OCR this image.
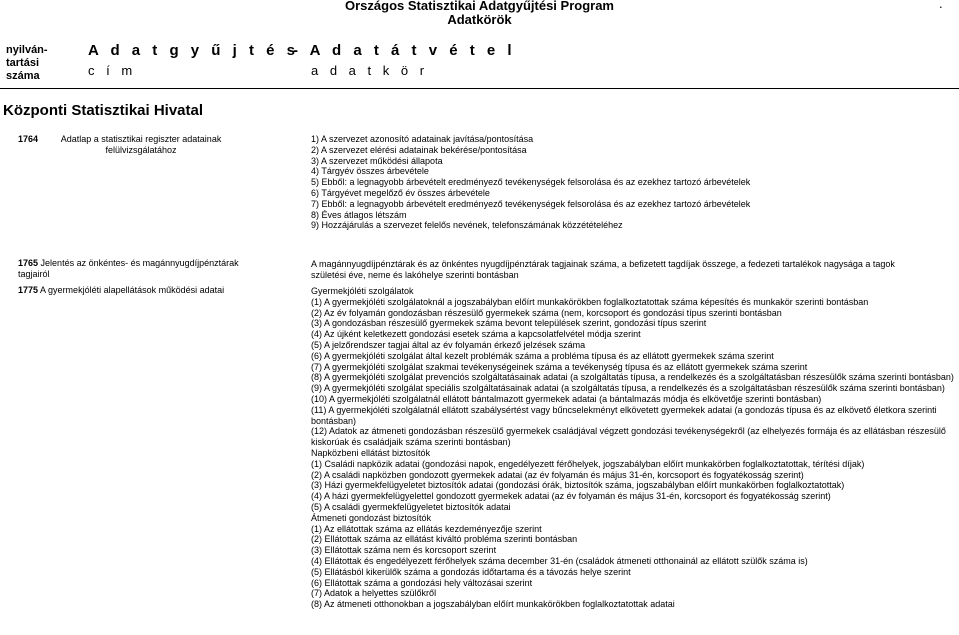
Országos Statisztikai Adatgyűjtési Program
Adatkörök
.
nyilván-
tartási
száma
A d a t g y ű j t é s
c í m
- A d a t á t v é t e l
a d a t k ö r
Központi Statisztikai Hivatal
1764	Adatlap a statisztikai regiszter adatainak felülvizsgálatához
1) A szervezet azonosító adatainak javítása/pontosítása
2) A szervezet elérési adatainak bekérése/pontosítása
3) A szervezet működési állapota
4) Tárgyév összes árbevétele
5) Ebből: a legnagyobb árbevételt eredményező tevékenységek felsorolása és az ezekhez tartozó árbevételek
6) Tárgyévet megelőző év összes árbevétele
7) Ebből: a legnagyobb árbevételt eredményező tevékenységek felsorolása és az ezekhez tartozó árbevételek
8) Éves átlagos létszám
9) Hozzájárulás a szervezet felelős nevének, telefonszámának közzétételéhez
1765 Jelentés az önkéntes- és magánnyugdíjpénztárak tagjairól
A magánnyugdíjpénztárak és az önkéntes nyugdíjpénztárak tagjainak száma, a befizetett tagdíjak összege, a fedezeti tartalékok nagysága a tagok születési éve, neme és lakóhelye szerinti bontásban
1775 A gyermekjóléti alapellátások működési adatai	Gyermekjóléti szolgálatok
(1) A gyermekjóléti szolgálatoknál a jogszabályban előírt munkakörökben foglalkoztatottak száma képesítés és munkakör szerinti bontásban
(2) Az év folyamán gondozásban részesülő gyermekek száma (nem, korcsoport és gondozási típus szerinti bontásban
(3) A gondozásban részesülő gyermekek száma bevont települések szerint, gondozási típus szerint
(4) Az újként keletkezett gondozási esetek száma a kapcsolatfelvétel módja szerint
(5) A jelzőrendszer tagjai által az év folyamán érkező jelzések száma
(6) A gyermekjóléti szolgálat által kezelt problémák száma a probléma típusa és az ellátott gyermekek száma szerint
(7) A gyermekjóléti szolgálat szakmai tevékenységeinek száma a tevékenység típusa és az ellátott gyermekek száma szerint
(8) A gyermekjóléti szolgálat prevenciós szolgáltatásainak adatai (a szolgáltatás típusa, a rendelkezés és a szolgáltatásban részesülők száma szerinti bontásban)
(9) A gyermekjóléti szolgálat speciális szolgáltatásainak adatai (a szolgáltatás típusa, a rendelkezés és a szolgáltatásban részesülők száma szerinti bontásban)
(10) A gyermekjóléti szolgálatnál ellátott bántalmazott gyermekek adatai (a bántalmazás módja és elkövetője szerinti bontásban)
(11) A gyermekjóléti szolgálatnál ellátott szabálysértést vagy bűncselekményt elkövetett gyermekek adatai (a gondozás típusa és az elkövető életkora szerinti bontásban)
(12) Adatok az átmeneti gondozásban részesülő gyermekek családjával végzett gondozási tevékenységekről (az elhelyezés formája és az ellátásban részesülő kiskorúak és családjaik száma szerinti bontásban)
Napközbeni ellátást biztosítók
(1) Családi napközik adatai (gondozási napok, engedélyezett férőhelyek, jogszabályban előírt munkakörben foglalkoztatottak, térítési díjak)
(2) A családi napközben gondozott gyermekek adatai (az év folyamán és május 31-én, korcsoport és fogyatékosság szerint)
(3) Házi gyermekfelügyeletet biztosítók adatai (gondozási órák, biztosítók száma, jogszabályban előírt munkakörben foglalkoztatottak)
(4) A házi gyermekfelügyelettel gondozott gyermekek adatai (az év folyamán és május 31-én, korcsoport és fogyatékosság szerint)
(5) A családi gyermekfelügyeletet biztosítók adatai
Átmeneti gondozást biztosítók
(1) Az ellátottak száma az ellátás kezdeményezője szerint
(2) Ellátottak száma az ellátást kiváltó probléma szerinti bontásban
(3) Ellátottak száma nem és korcsoport szerint
(4) Ellátottak és engedélyezett férőhelyek száma december 31-én (családok átmeneti otthonainál az ellátott szülők száma is)
(5) Ellátásból kikerülők száma a gondozás időtartama és a távozás helye szerint
(6) Ellátottak száma a gondozási hely változásai szerint
(7) Adatok a helyettes szülőkről
(8) Az átmeneti otthonokban a jogszabályban előírt munkakörökben foglalkoztatottak adatai
